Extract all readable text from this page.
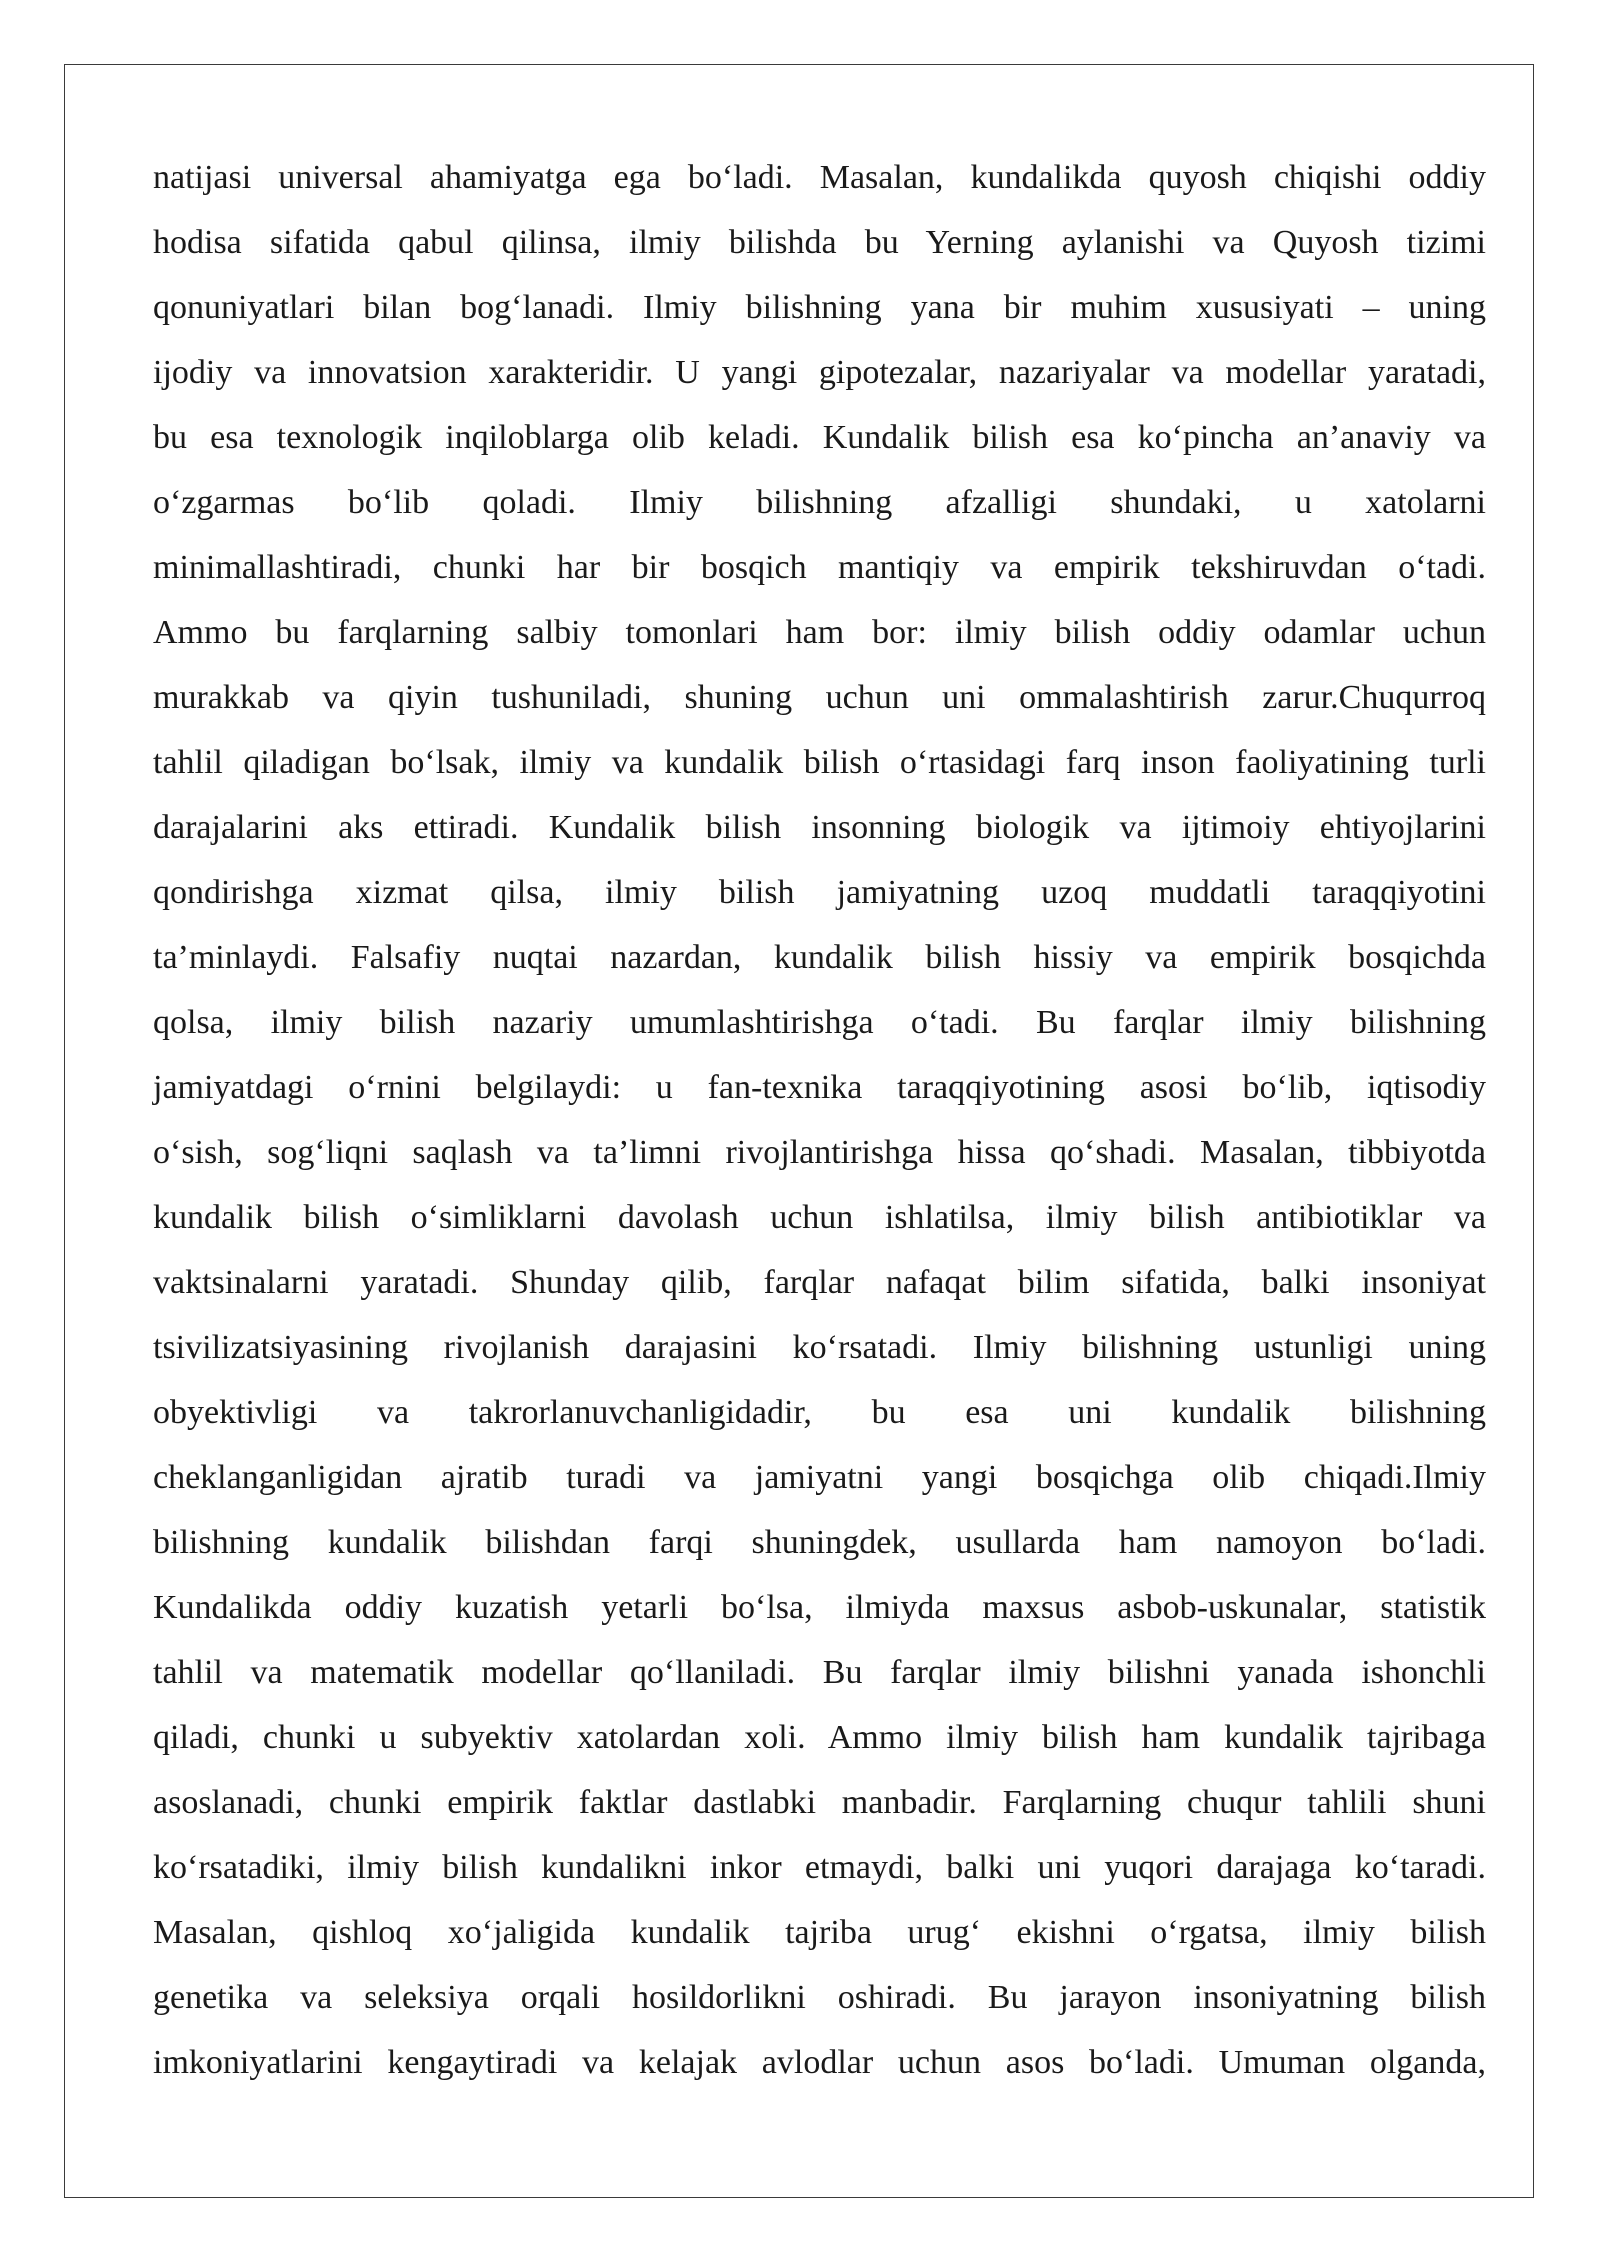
natijasi universal ahamiyatga ega bo‘ladi. Masalan, kundalikda quyosh chiqishi oddiy
hodisa sifatida qabul qilinsa, ilmiy bilishda bu Yerning aylanishi va Quyosh tizimi
qonuniyatlari bilan bog‘lanadi. Ilmiy bilishning yana bir muhim xususiyati – uning
ijodiy va innovatsion xarakteridir. U yangi gipotezalar, nazariyalar va modellar yaratadi,
bu esa texnologik inqiloblarga olib keladi. Kundalik bilish esa ko‘pincha an’anaviy va
o‘zgarmas bo‘lib qoladi. Ilmiy bilishning afzalligi shundaki, u xatolarni
minimallashtiradi, chunki har bir bosqich mantiqiy va empirik tekshiruvdan o‘tadi.
Ammo bu farqlarning salbiy tomonlari ham bor: ilmiy bilish oddiy odamlar uchun
murakkab va qiyin tushuniladi, shuning uchun uni ommalashtirish zarur.Chuqurroq
tahlil qiladigan bo‘lsak, ilmiy va kundalik bilish o‘rtasidagi farq inson faoliyatining turli
darajalarini aks ettiradi. Kundalik bilish insonning biologik va ijtimoiy ehtiyojlarini
qondirishga xizmat qilsa, ilmiy bilish jamiyatning uzoq muddatli taraqqiyotini
ta’minlaydi. Falsafiy nuqtai nazardan, kundalik bilish hissiy va empirik bosqichda
qolsa, ilmiy bilish nazariy umumlashtirishga o‘tadi. Bu farqlar ilmiy bilishning
jamiyatdagi o‘rnini belgilaydi: u fan-texnika taraqqiyotining asosi bo‘lib, iqtisodiy
o‘sish, sog‘liqni saqlash va ta’limni rivojlantirishga hissa qo‘shadi. Masalan, tibbiyotda
kundalik bilish o‘simliklarni davolash uchun ishlatilsa, ilmiy bilish antibiotiklar va
vaktsinalarni yaratadi. Shunday qilib, farqlar nafaqat bilim sifatida, balki insoniyat
tsivilizatsiyasining rivojlanish darajasini ko‘rsatadi. Ilmiy bilishning ustunligi uning
obyektivligi va takrorlanuvchanligidadir, bu esa uni kundalik bilishning
cheklanganligidan ajratib turadi va jamiyatni yangi bosqichga olib chiqadi.Ilmiy
bilishning kundalik bilishdan farqi shuningdek, usullarda ham namoyon bo‘ladi.
Kundalikda oddiy kuzatish yetarli bo‘lsa, ilmiyda maxsus asbob-uskunalar, statistik
tahlil va matematik modellar qo‘llaniladi. Bu farqlar ilmiy bilishni yanada ishonchli
qiladi, chunki u subyektiv xatolardan xoli. Ammo ilmiy bilish ham kundalik tajribaga
asoslanadi, chunki empirik faktlar dastlabki manbadir. Farqlarning chuqur tahlili shuni
ko‘rsatadiki, ilmiy bilish kundalikni inkor etmaydi, balki uni yuqori darajaga ko‘taradi.
Masalan, qishloq xo‘jaligida kundalik tajriba urug‘ ekishni o‘rgatsa, ilmiy bilish
genetika va seleksiya orqali hosildorlikni oshiradi. Bu jarayon insoniyatning bilish
imkoniyatlarini kengaytiradi va kelajak avlodlar uchun asos bo‘ladi. Umuman olganda,
